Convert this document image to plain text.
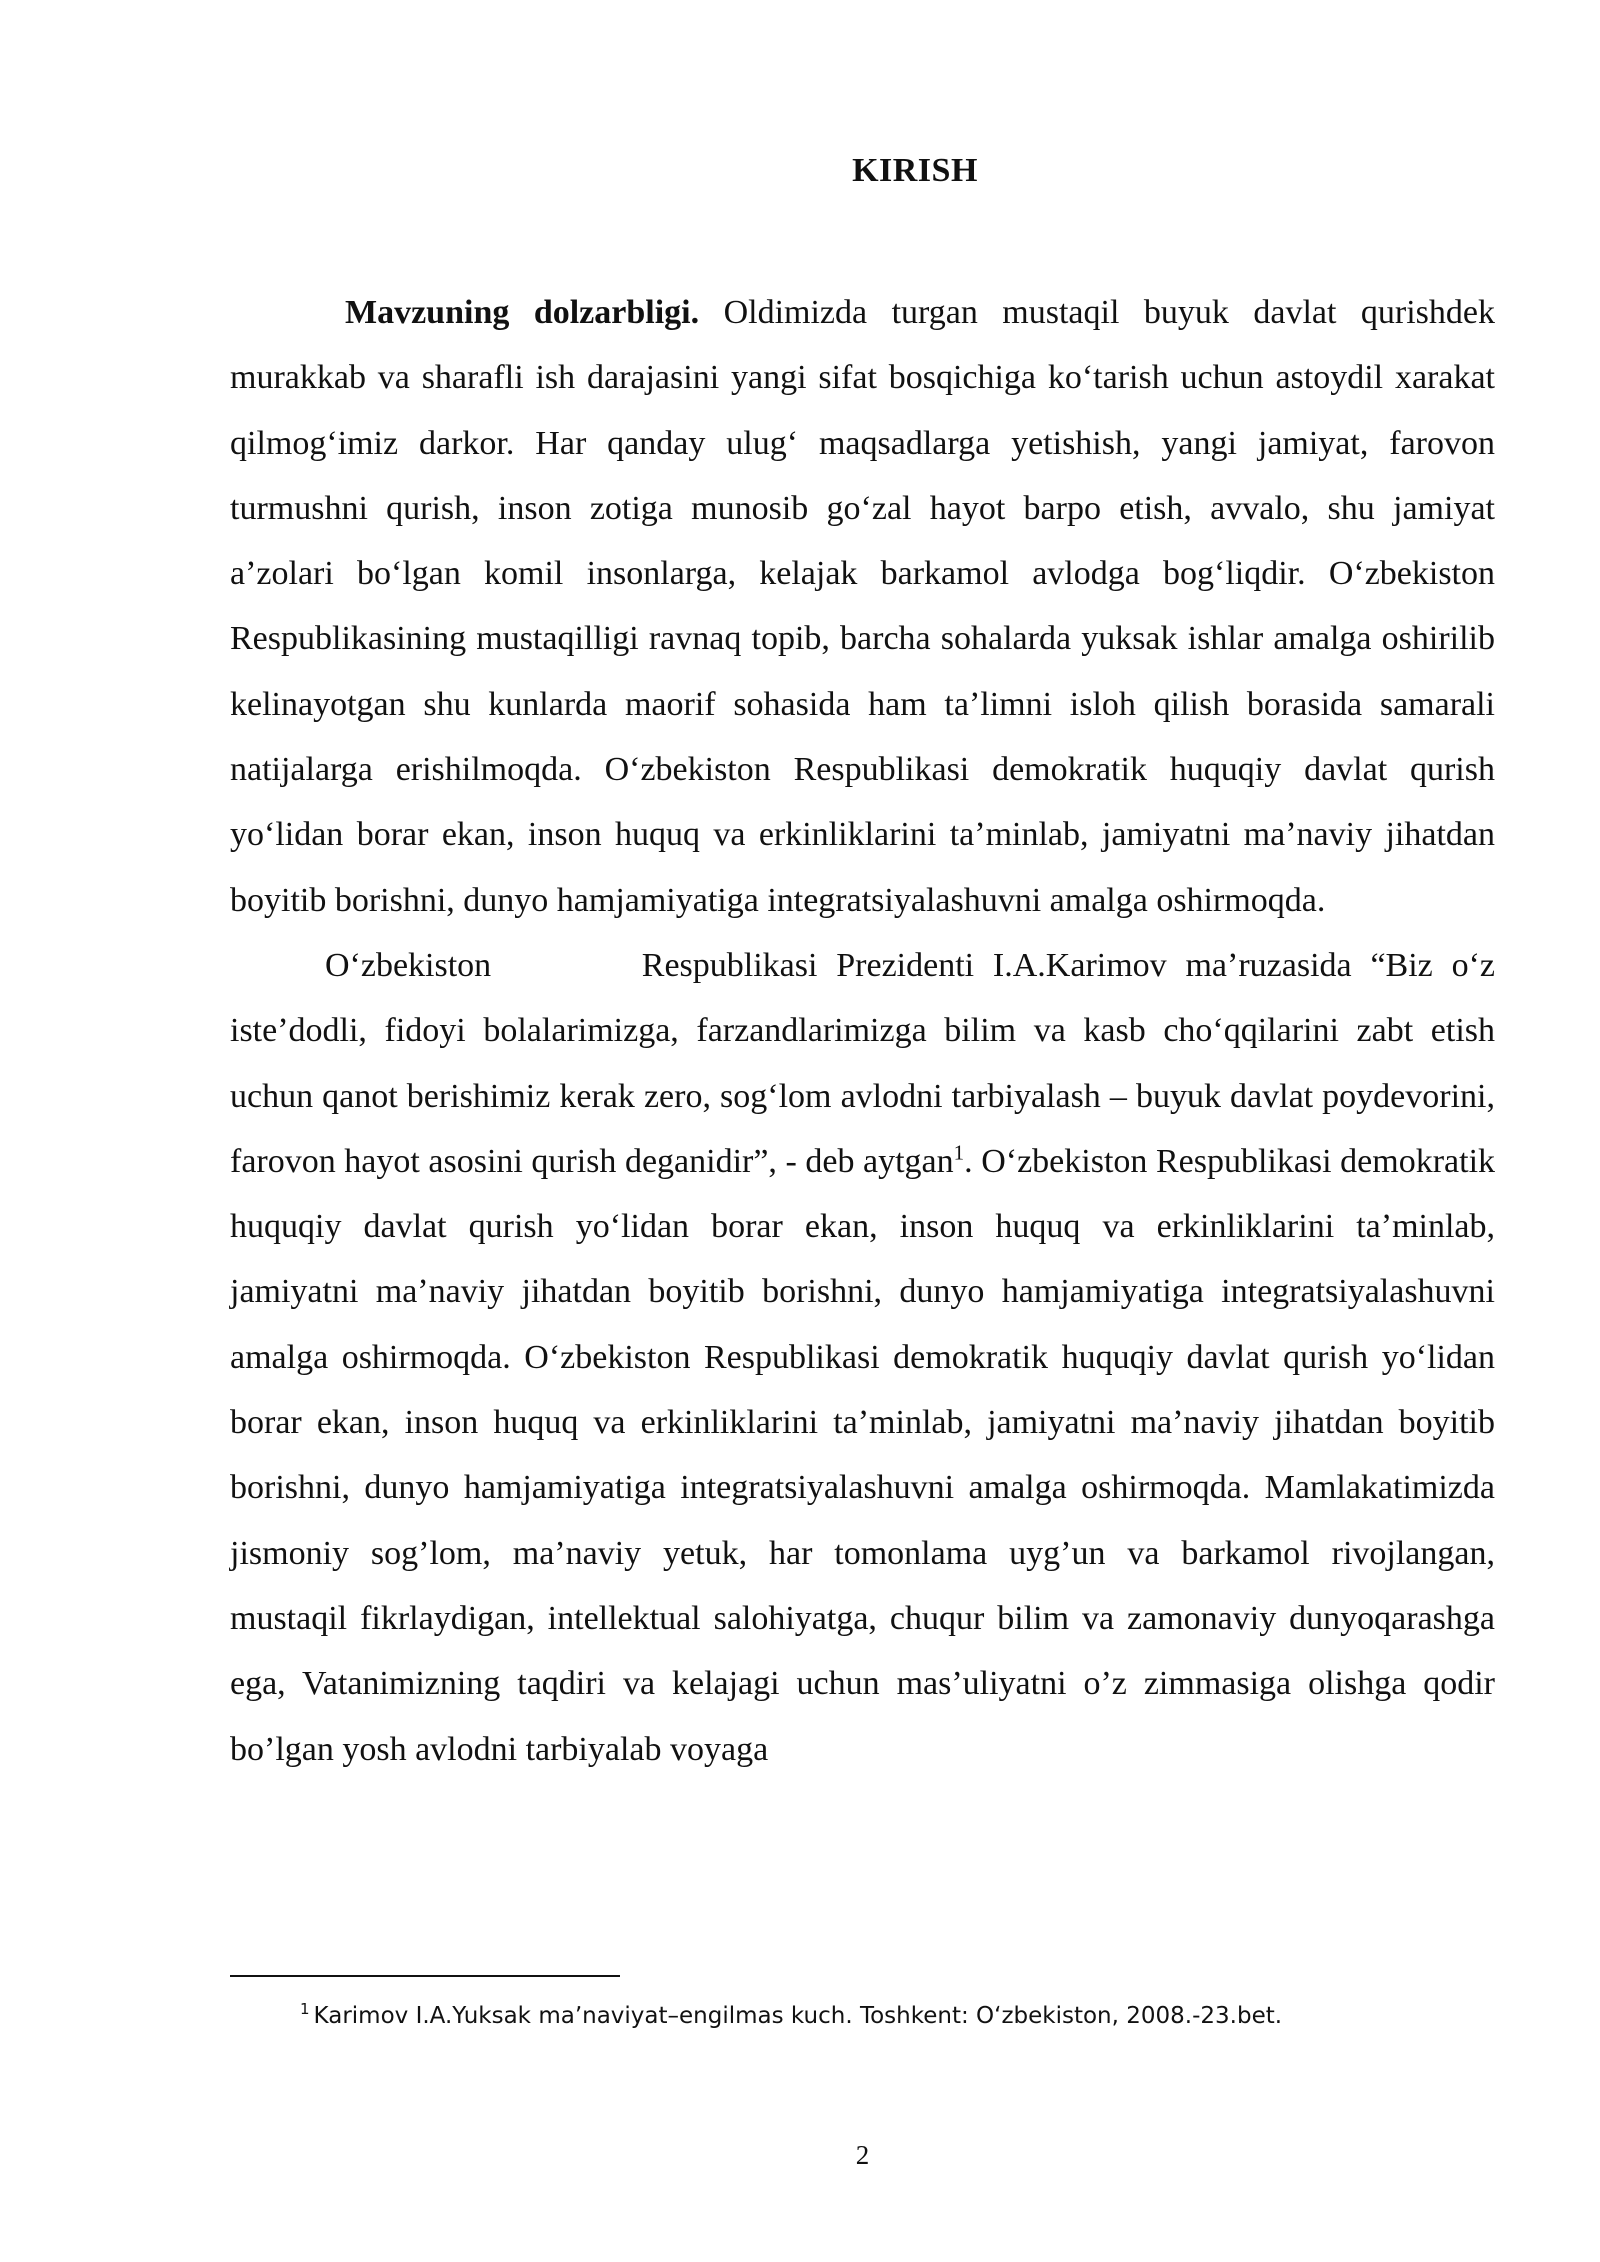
KIRISH

Mavzuning dolzarbligi. Oldimizda turgan mustaqil buyuk davlat qurishdek murakkab va sharafli ish darajasini yangi sifat bosqichiga koʻtarish uchun astoydil xarakat qilmogʻimiz darkor. Har qanday ulugʻ maqsadlarga yetishish, yangi jamiyat, farovon turmushni qurish, inson zotiga munosib goʻzal hayot barpo etish, avvalo, shu jamiyat aʼzolari boʻlgan komil insonlarga, kelajak barkamol avlodga bogʻliqdir. Oʻzbekiston Respublikasining mustaqilligi ravnaq topib, barcha sohalarda yuksak ishlar amalga oshirilib kelinayotgan shu kunlarda maorif sohasida ham taʼlimni isloh qilish borasida samarali natijalarga erishilmoqda. Oʻzbekiston Respublikasi demokratik huquqiy davlat qurish yoʻlidan borar ekan, inson huquq va erkinliklarini taʼminlab, jamiyatni maʼnaviy jihatdan boyitib borishni, dunyo hamjamiyatiga integratsiyalashuvni amalga oshirmoqda.

Oʻzbekiston        Respublikasi Prezidenti I.A.Karimov maʼruzasida “Biz oʻz isteʼdodli, fidoyi bolalarimizga, farzandlarimizga bilim va kasb choʻqqilarini zabt etish uchun qanot berishimiz kerak zero, sogʻlom avlodni tarbiyalash – buyuk davlat poydevorini, farovon hayot asosini qurish deganidir”, - deb aytgan$^1$. Oʻzbekiston Respublikasi demokratik huquqiy davlat qurish yoʻlidan borar ekan, inson huquq va erkinliklarini taʼminlab, jamiyatni maʼnaviy jihatdan boyitib borishni, dunyo hamjamiyatiga integratsiyalashuvni amalga oshirmoqda. Oʻzbekiston Respublikasi demokratik huquqiy davlat qurish yoʻlidan borar ekan, inson huquq va erkinliklarini taʼminlab, jamiyatni maʼnaviy jihatdan boyitib borishni, dunyo hamjamiyatiga integratsiyalashuvni amalga oshirmoqda. Mamlakatimizda jismoniy sog’lom, ma’naviy yetuk, har tomonlama uyg’un va barkamol rivojlangan, mustaqil fikrlaydigan, intellektual salohiyatga, chuqur bilim va zamonaviy dunyoqarashga ega, Vatanimizning taqdiri va kelajagi uchun mas’uliyatni o’z zimmasiga olishga qodir bo’lgan yosh avlodni tarbiyalab voyaga

$^1$ Karimov I.A.Yuksak maʼnaviyat–engilmas kuch. Toshkent: Oʻzbekiston, 2008.-23.bet.
2
